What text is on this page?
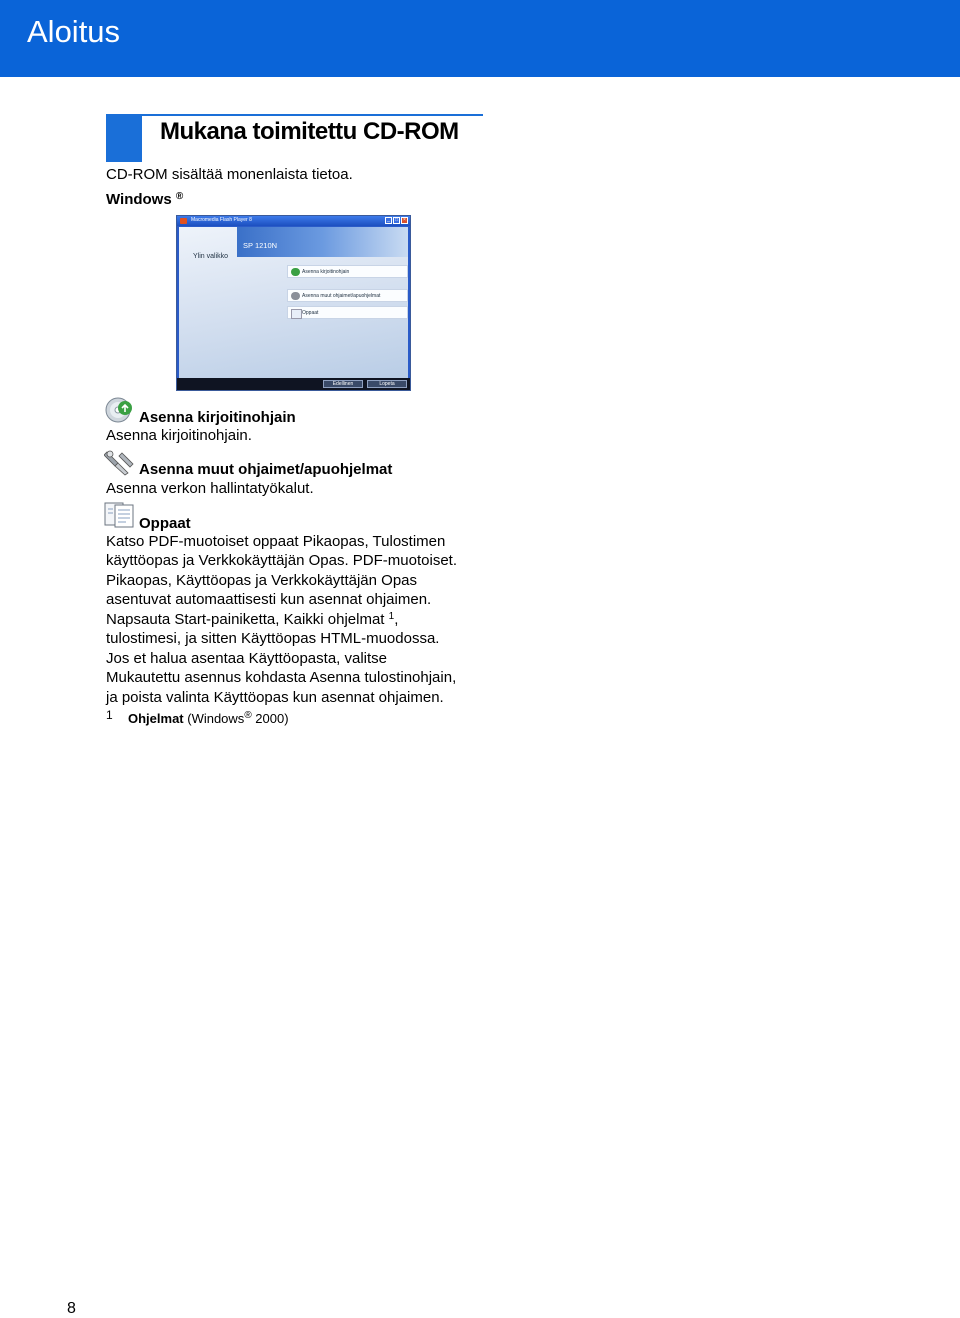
Aloitus
Mukana toimitettu CD-ROM
CD-ROM sisältää monenlaista tietoa.
Windows ®
Macromedia Flash Player 8	_	□	×
SP 1210N
Ylin valikko
Asenna kirjoitinohjain
Asenna muut ohjaimet/apuohjelmat
Oppaat
Edellinen	Lopeta
Asenna kirjoitinohjain
Asenna kirjoitinohjain.
Asenna muut ohjaimet/apuohjelmat
Asenna verkon hallintatyökalut.
Oppaat
Katso PDF-muotoiset oppaat Pikaopas, Tulostimen
käyttöopas ja Verkkokäyttäjän Opas. PDF-muotoiset.
Pikaopas, Käyttöopas ja Verkkokäyttäjän Opas
asentuvat automaattisesti kun asennat ohjaimen.
Napsauta Start-painiketta, Kaikki ohjelmat $^1$,
tulostimesi, ja sitten Käyttöopas HTML-muodossa.
Jos et halua asentaa Käyttöopasta, valitse
Mukautettu asennus kohdasta Asenna tulostinohjain,
ja poista valinta Käyttöopas kun asennat ohjaimen.
1 Ohjelmat (Windows® 2000)
8
